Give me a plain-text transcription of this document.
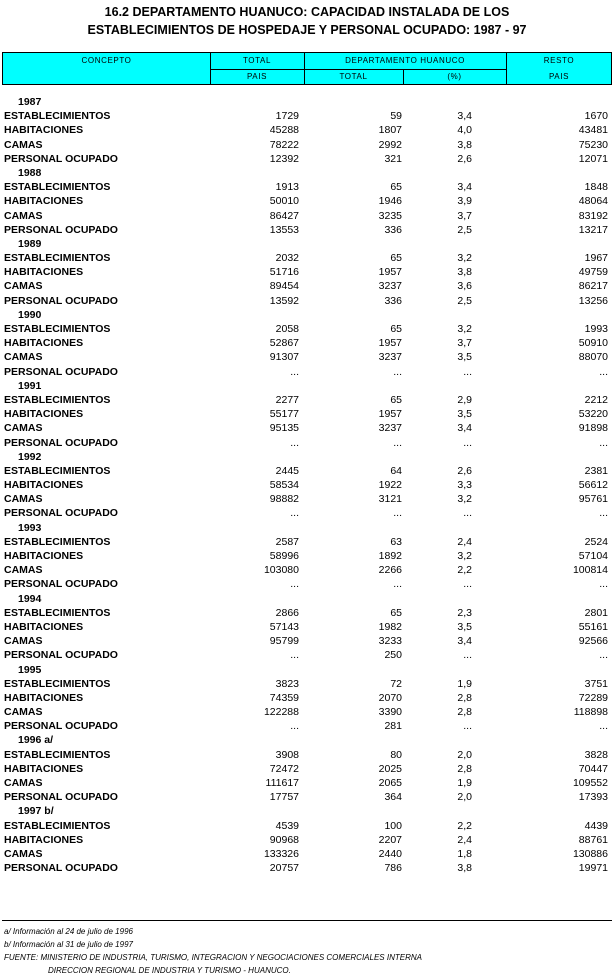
16.2 DEPARTAMENTO HUANUCO: CAPACIDAD INSTALADA DE LOS
ESTABLECIMIENTOS DE HOSPEDAJE Y PERSONAL OCUPADO: 1987 - 97
CONCEPTO	TOTAL
PAIS
DEPARTAMENTO HUANUCO
TOTAL	(%)
RESTO
PAIS
1987
ESTABLECIMIENTOS	1729	59	3,4	1670
HABITACIONES	45288	1807	4,0	43481
CAMAS	78222	2992	3,8	75230
PERSONAL OCUPADO	12392	321	2,6	12071
1988
ESTABLECIMIENTOS	1913	65	3,4	1848
HABITACIONES	50010	1946	3,9	48064
CAMAS	86427	3235	3,7	83192
PERSONAL OCUPADO	13553	336	2,5	13217
1989
ESTABLECIMIENTOS	2032	65	3,2	1967
HABITACIONES	51716	1957	3,8	49759
CAMAS	89454	3237	3,6	86217
PERSONAL OCUPADO	13592	336	2,5	13256
1990
ESTABLECIMIENTOS	2058	65	3,2	1993
HABITACIONES	52867	1957	3,7	50910
CAMAS	91307	3237	3,5	88070
PERSONAL OCUPADO	...	...	...	...
1991
ESTABLECIMIENTOS	2277	65	2,9	2212
HABITACIONES	55177	1957	3,5	53220
CAMAS	95135	3237	3,4	91898
PERSONAL OCUPADO	...	...	...	...
1992
ESTABLECIMIENTOS	2445	64	2,6	2381
HABITACIONES	58534	1922	3,3	56612
CAMAS	98882	3121	3,2	95761
PERSONAL OCUPADO	...	...	...	...
1993
ESTABLECIMIENTOS	2587	63	2,4	2524
HABITACIONES	58996	1892	3,2	57104
CAMAS	103080	2266	2,2	100814
PERSONAL OCUPADO	...	...	...	...
1994
ESTABLECIMIENTOS	2866	65	2,3	2801
HABITACIONES	57143	1982	3,5	55161
CAMAS	95799	3233	3,4	92566
PERSONAL OCUPADO	...	250	...	...
1995
ESTABLECIMIENTOS	3823	72	1,9	3751
HABITACIONES	74359	2070	2,8	72289
CAMAS	122288	3390	2,8	118898
PERSONAL OCUPADO	...	281	...	...
1996 a/
ESTABLECIMIENTOS	3908	80	2,0	3828
HABITACIONES	72472	2025	2,8	70447
CAMAS	111617	2065	1,9	109552
PERSONAL OCUPADO	17757	364	2,0	17393
1997 b/
ESTABLECIMIENTOS	4539	100	2,2	4439
HABITACIONES	90968	2207	2,4	88761
CAMAS	133326	2440	1,8	130886
PERSONAL OCUPADO	20757	786	3,8	19971
a/ Información al 24 de julio de 1996
b/ Información al 31 de julio de 1997
FUENTE: MINISTERIO DE INDUSTRIA, TURISMO, INTEGRACION Y NEGOCIACIONES COMERCIALES INTERNA
DIRECCION REGIONAL DE INDUSTRIA Y TURISMO - HUANUCO.
